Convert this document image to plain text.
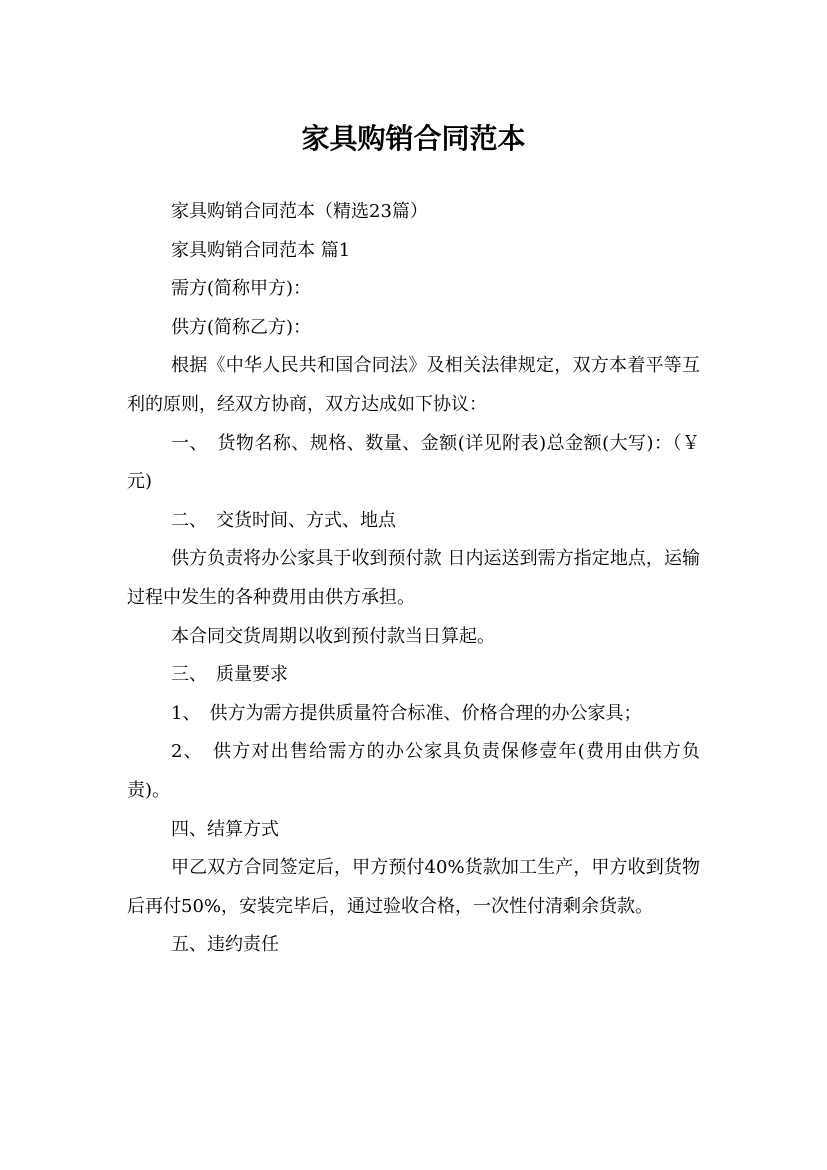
家具购销合同范本

家具购销合同范本（精选23篇）

家具购销合同范本 篇1

需方(简称甲方)：

供方(简称乙方)：

根据《中华人民共和国合同法》及相关法律规定，双方本着平等互利的原则，经双方协商，双方达成如下协议：

一、　货物名称、规格、数量、金额(详见附表)总金额(大写)：（￥ 元)

二、　交货时间、方式、地点

供方负责将办公家具于收到预付款 日内运送到需方指定地点，运输过程中发生的各种费用由供方承担。

本合同交货周期以收到预付款当日算起。

三、　质量要求

1、　供方为需方提供质量符合标准、价格合理的办公家具；

2、　供方对出售给需方的办公家具负责保修壹年(费用由供方负责)。

四、结算方式

甲乙双方合同签定后，甲方预付40%货款加工生产，甲方收到货物后再付50%，安装完毕后，通过验收合格，一次性付清剩余货款。

五、违约责任
